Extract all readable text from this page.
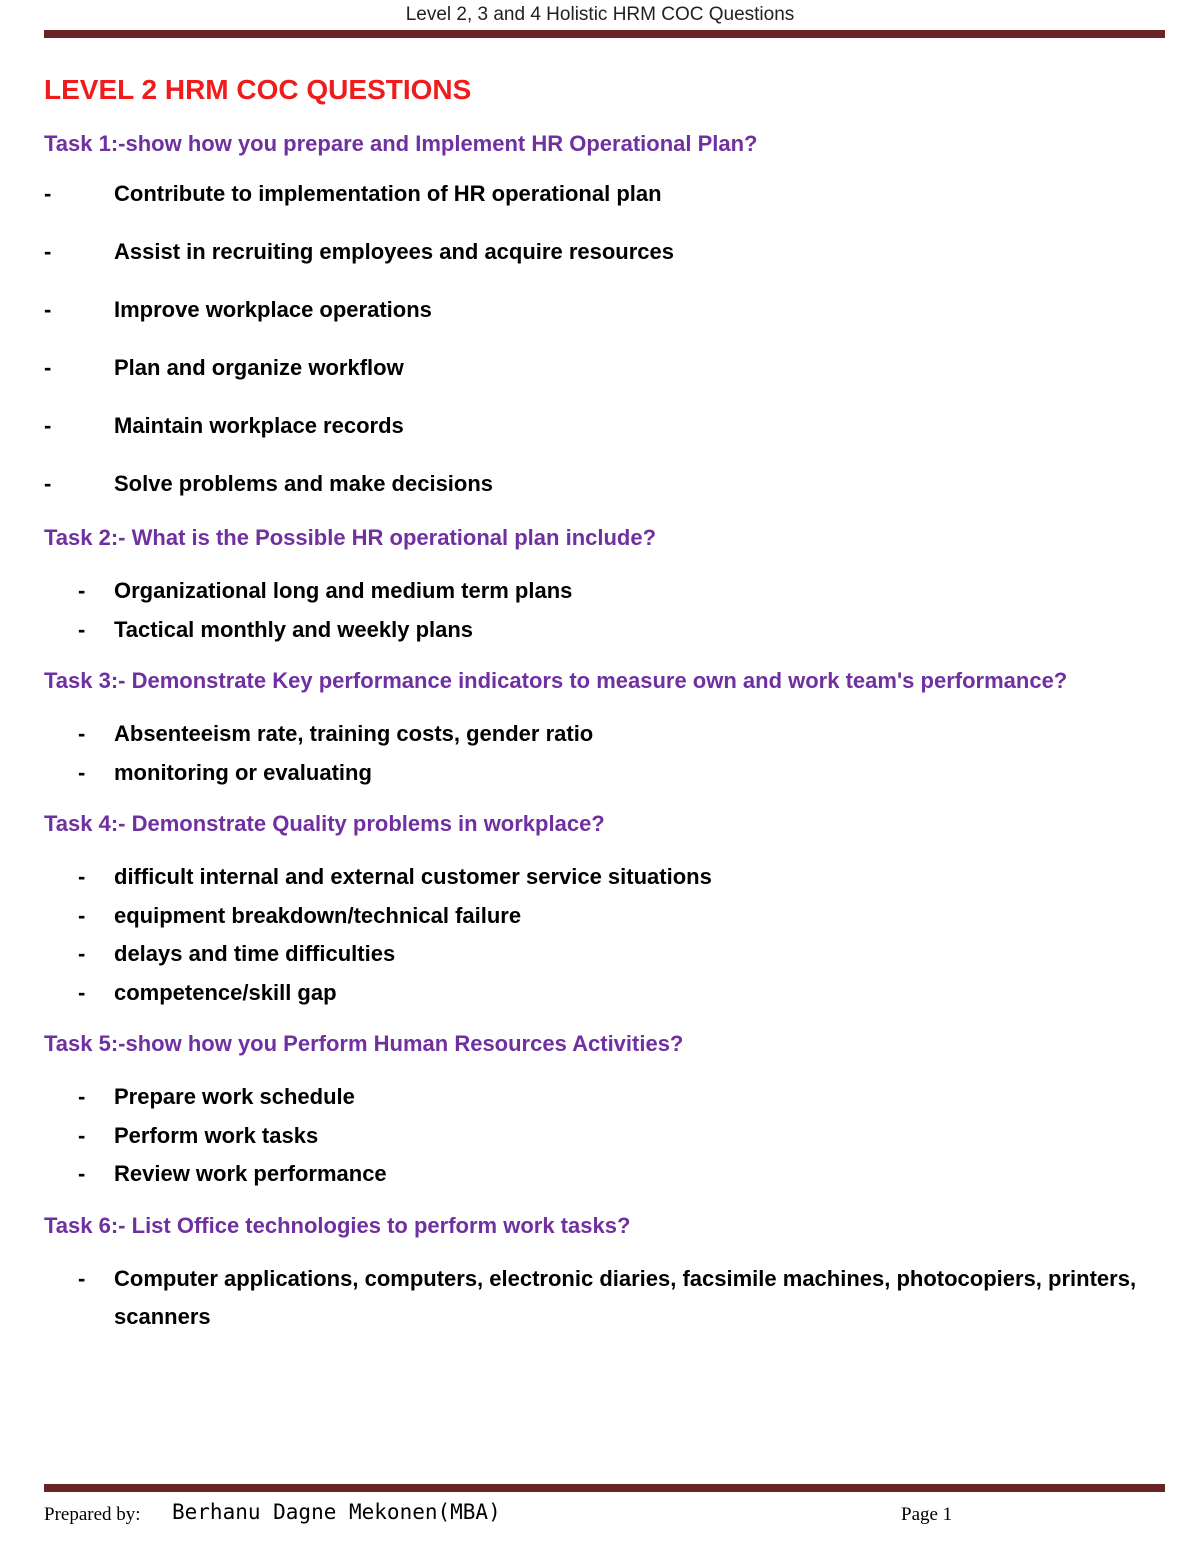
Level 2, 3 and 4 Holistic HRM COC Questions
LEVEL 2 HRM COC QUESTIONS
Task 1:-show how you prepare and Implement HR Operational Plan?
-	Contribute to implementation of HR operational plan
-	Assist in recruiting employees and acquire resources
-	Improve workplace operations
-	Plan and organize workflow
-	Maintain workplace records
-	Solve problems and make decisions
Task 2:- What is the Possible HR operational plan include?
-	Organizational long and medium term plans
-	Tactical monthly and weekly plans
Task 3:- Demonstrate Key performance indicators to measure own and work team's performance?
-	Absenteeism rate, training costs, gender ratio
-	monitoring or evaluating
Task 4:- Demonstrate Quality problems in workplace?
-	difficult internal and external customer service situations
-	equipment breakdown/technical failure
-	delays and time difficulties
-	competence/skill gap
Task 5:-show how you Perform Human Resources Activities?
-	Prepare work schedule
-	Perform work tasks
-	Review work performance
Task 6:- List Office technologies to perform work tasks?
-	Computer applications, computers, electronic diaries, facsimile machines, photocopiers, printers, scanners
Prepared by: Berhanu Dagne Mekonen(MBA)	Page 1
